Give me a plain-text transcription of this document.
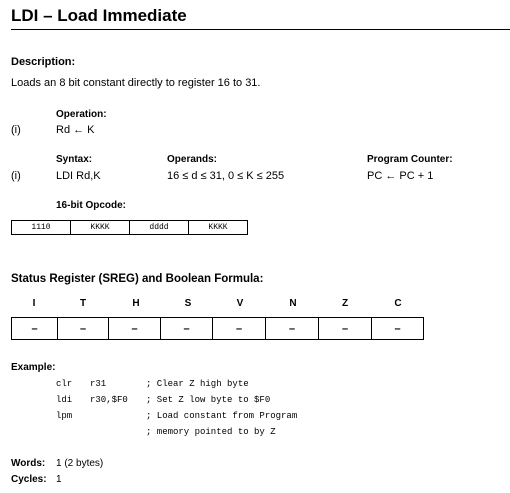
LDI – Load Immediate
Description:
Loads an 8 bit constant directly to register 16 to 31.
Operation:
(i)	Rd ← K
Syntax:	Operands:	Program Counter:
(i)	LDI Rd,K	16 ≤ d ≤ 31, 0 ≤ K ≤ 255	PC ← PC + 1
16-bit Opcode:
1110	KKKK	dddd	KKKK
Status Register (SREG) and Boolean Formula:
I	T	H	S	V	N	Z	C
–	–	–	–	–	–	–	–
Example:
clr r31	; Clear Z high byte
ldi r30,$F0 ; Set Z low byte to $F0
lpm	; Load constant from Program
; memory pointed to by Z
Words: 1 (2 bytes)
Cycles: 1
